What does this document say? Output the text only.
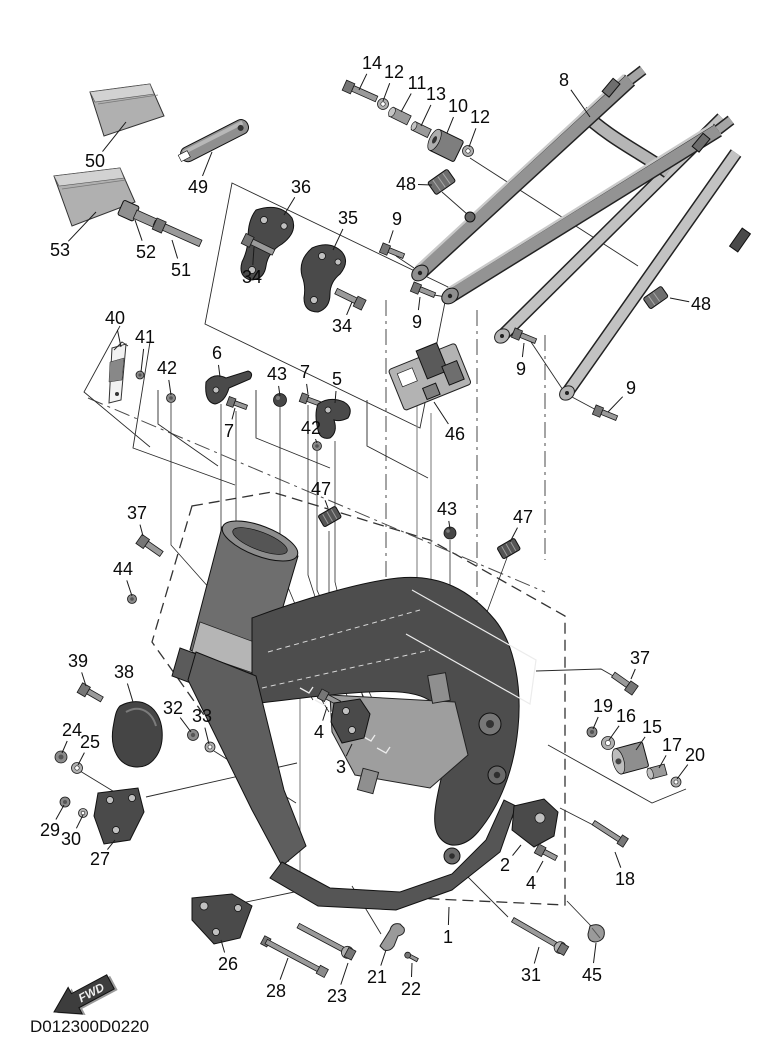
FWD
D012300D0220
50
53
49
52
51
36
34
35
34
14 12
11
13
10
12
8
48
9
9
48
9
9
46
40
41
42
6
43 7 5
7	42
47
43	47
37
44
39
38
32 33
24
25
29 30
27
4
3
2
4
37
19 16
15
17 20
18
26
28 23
21
22
31 45
1
